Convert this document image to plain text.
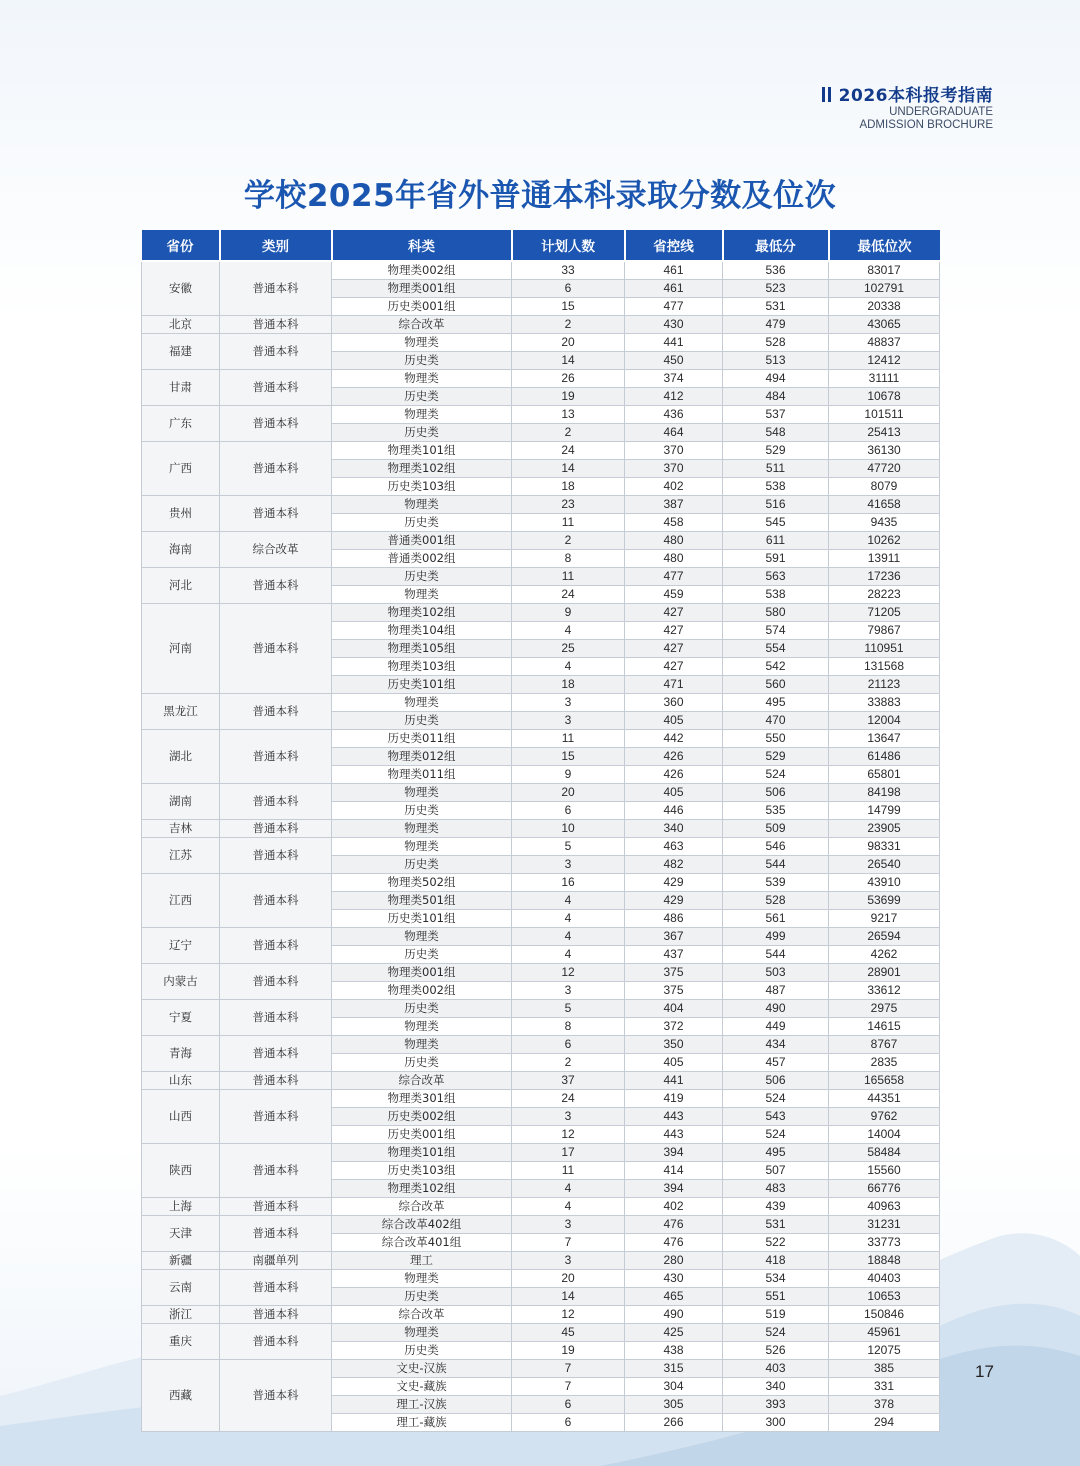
2026本科报考指南
UNDERGRADUATE
ADMISSION BROCHURE
学校2025年省外普通本科录取分数及位次
省份	类别	科类	计划人数	省控线	最低分	最低位次
安徽	普通本科	物理类002组	33	461	536	83017
		物理类001组	6	461	523	102791
		历史类001组	15	477	531	20338
北京	普通本科	综合改革	2	430	479	43065
福建	普通本科	物理类	20	441	528	48837
		历史类	14	450	513	12412
甘肃	普通本科	物理类	26	374	494	31111
		历史类	19	412	484	10678
广东	普通本科	物理类	13	436	537	101511
		历史类	2	464	548	25413
广西	普通本科	物理类101组	24	370	529	36130
		物理类102组	14	370	511	47720
		历史类103组	18	402	538	8079
贵州	普通本科	物理类	23	387	516	41658
		历史类	11	458	545	9435
海南	综合改革	普通类001组	2	480	611	10262
		普通类002组	8	480	591	13911
河北	普通本科	历史类	11	477	563	17236
		物理类	24	459	538	28223
河南	普通本科	物理类102组	9	427	580	71205
		物理类104组	4	427	574	79867
		物理类105组	25	427	554	110951
		物理类103组	4	427	542	131568
		历史类101组	18	471	560	21123
黑龙江	普通本科	物理类	3	360	495	33883
		历史类	3	405	470	12004
湖北	普通本科	历史类011组	11	442	550	13647
		物理类012组	15	426	529	61486
		物理类011组	9	426	524	65801
湖南	普通本科	物理类	20	405	506	84198
		历史类	6	446	535	14799
吉林	普通本科	物理类	10	340	509	23905
江苏	普通本科	物理类	5	463	546	98331
		历史类	3	482	544	26540
江西	普通本科	物理类502组	16	429	539	43910
		物理类501组	4	429	528	53699
		历史类101组	4	486	561	9217
辽宁	普通本科	物理类	4	367	499	26594
		历史类	4	437	544	4262
内蒙古	普通本科	物理类001组	12	375	503	28901
		物理类002组	3	375	487	33612
宁夏	普通本科	历史类	5	404	490	2975
		物理类	8	372	449	14615
青海	普通本科	物理类	6	350	434	8767
		历史类	2	405	457	2835
山东	普通本科	综合改革	37	441	506	165658
山西	普通本科	物理类301组	24	419	524	44351
		历史类002组	3	443	543	9762
		历史类001组	12	443	524	14004
陕西	普通本科	物理类101组	17	394	495	58484
		历史类103组	11	414	507	15560
		物理类102组	4	394	483	66776
上海	普通本科	综合改革	4	402	439	40963
天津	普通本科	综合改革402组	3	476	531	31231
		综合改革401组	7	476	522	33773
新疆	南疆单列	理工	3	280	418	18848
云南	普通本科	物理类	20	430	534	40403
		历史类	14	465	551	10653
浙江	普通本科	综合改革	12	490	519	150846
重庆	普通本科	物理类	45	425	524	45961
		历史类	19	438	526	12075
西藏	普通本科	文史-汉族	7	315	403	385
		文史-藏族	7	304	340	331
		理工-汉族	6	305	393	378
		理工-藏族	6	266	300	294
17
